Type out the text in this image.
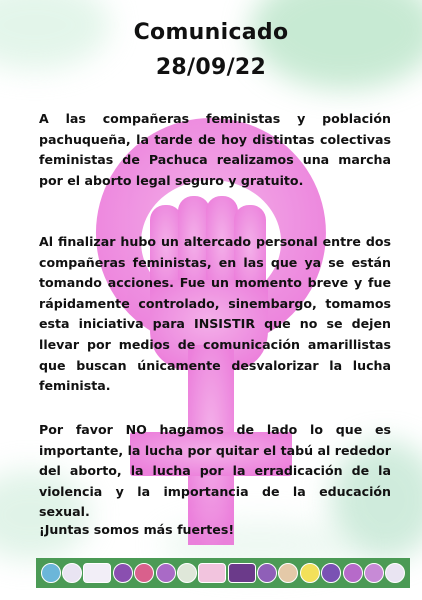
Comunicado
28/09/22
A las compañeras feministas y población pachuqueña, la tarde de hoy distintas colectivas feministas de Pachuca realizamos una marcha por el aborto legal seguro y gratuito.
Al finalizar hubo un altercado personal entre dos compañeras feministas, en las que ya se están tomando acciones. Fue un momento breve y fue rápidamente controlado, sinembargo, tomamos esta iniciativa para INSISTIR que no se dejen llevar por medios de comunicación amarillistas que buscan únicamente desvalorizar la lucha feminista.
Por favor NO hagamos de lado lo que es importante, la lucha por quitar el tabú al rededor del aborto, la lucha por la erradicación de la violencia y la importancia de la educación sexual.
¡Juntas somos más fuertes!
